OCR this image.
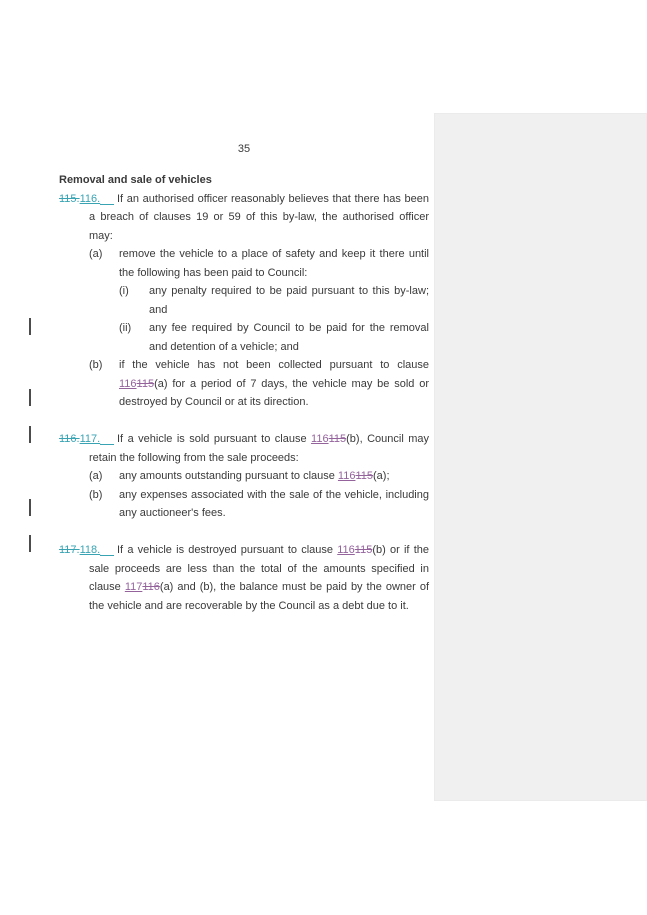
35
Removal and sale of vehicles
115. 116. If an authorised officer reasonably believes that there has been a breach of clauses 19 or 59 of this by-law, the authorised officer may:
(a) remove the vehicle to a place of safety and keep it there until the following has been paid to Council:
(i) any penalty required to be paid pursuant to this by-law; and
(ii) any fee required by Council to be paid for the removal and detention of a vehicle; and
(b) if the vehicle has not been collected pursuant to clause 116115(a) for a period of 7 days, the vehicle may be sold or destroyed by Council or at its direction.
116. 117. If a vehicle is sold pursuant to clause 116115(b), Council may retain the following from the sale proceeds:
(a) any amounts outstanding pursuant to clause 116115(a);
(b) any expenses associated with the sale of the vehicle, including any auctioneer's fees.
117. 118. If a vehicle is destroyed pursuant to clause 116115(b) or if the sale proceeds are less than the total of the amounts specified in clause 117116(a) and (b), the balance must be paid by the owner of the vehicle and are recoverable by the Council as a debt due to it.
